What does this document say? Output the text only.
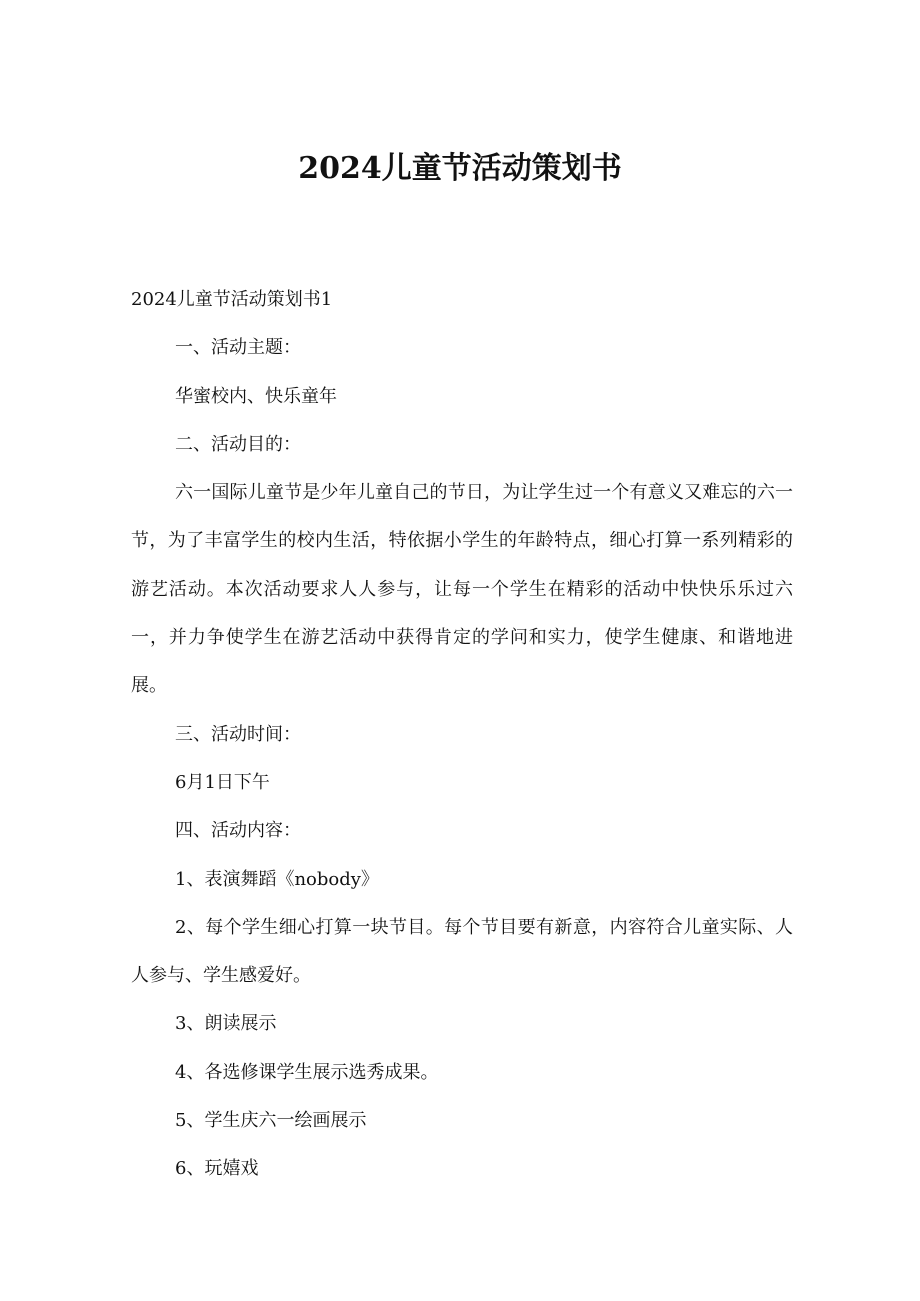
2024儿童节活动策划书

2024儿童节活动策划书1

一、活动主题：

华蜜校内、快乐童年

二、活动目的：

六一国际儿童节是少年儿童自己的节日，为让学生过一个有意义又难忘的六一节，为了丰富学生的校内生活，特依据小学生的年龄特点，细心打算一系列精彩的游艺活动。本次活动要求人人参与，让每一个学生在精彩的活动中快快乐乐过六一，并力争使学生在游艺活动中获得肯定的学问和实力，使学生健康、和谐地进展。

三、活动时间：

6月1日下午

四、活动内容：

1、表演舞蹈《nobody》

2、每个学生细心打算一块节目。每个节目要有新意，内容符合儿童实际、人人参与、学生感爱好。

3、朗读展示

4、各选修课学生展示选秀成果。

5、学生庆六一绘画展示

6、玩嬉戏
